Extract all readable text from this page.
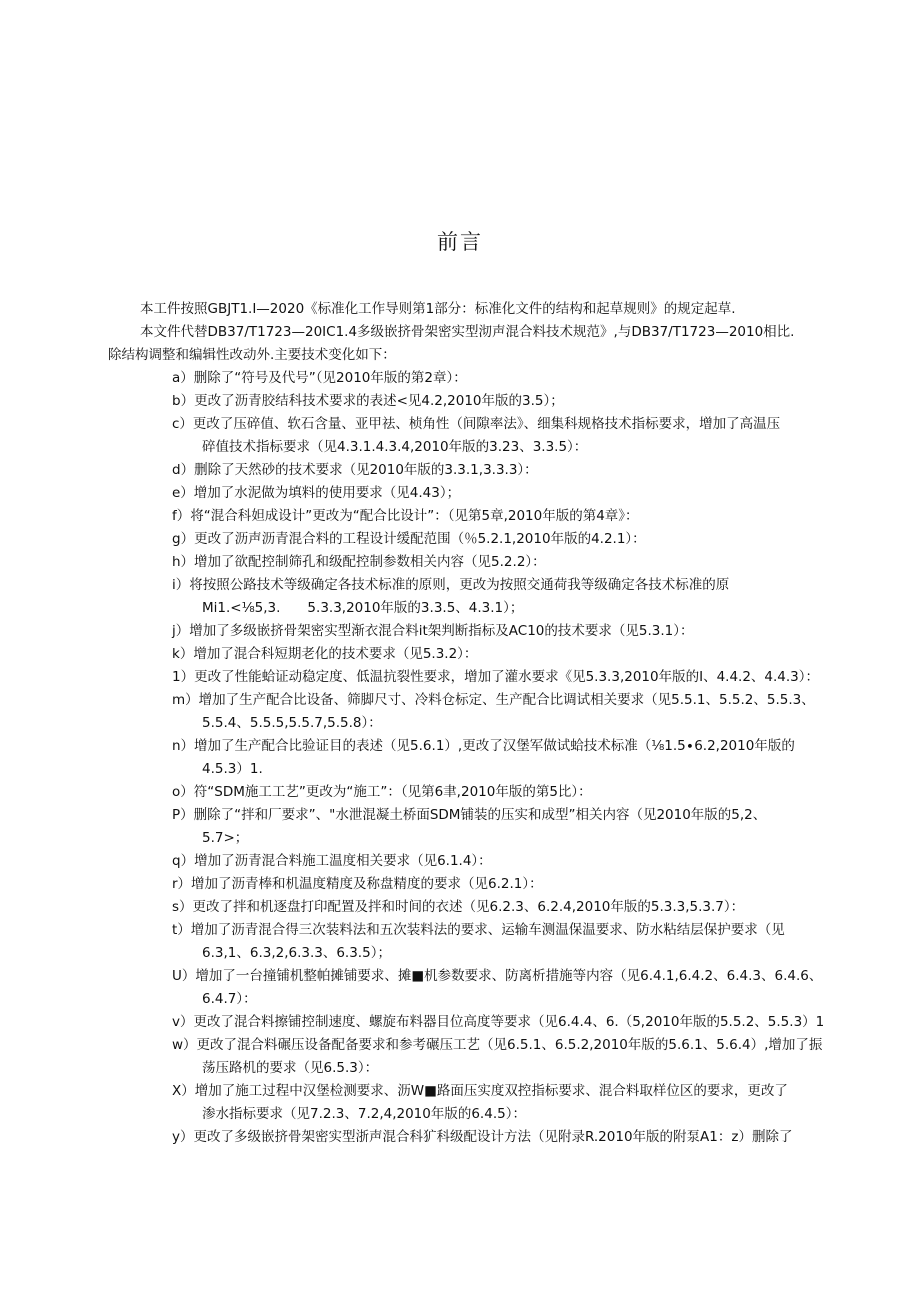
前言

本工件按照GBJT1.I—2020《标准化工作导则第1部分：标准化文件的结构和起草规则》的规定起草.

本文件代替DB37/T1723—20IC1.4多级嵌挤骨架密实型沏声混合料技术规范》,与DB37/T1723—2010相比.

除结构调整和编辑性改动外.主要技术变化如下：

a）删除了“符号及代号”（见2010年版的第2章）：
b）更改了沥青胶结科技术要求的表述<见4.2,2010年版的3.5）；
c）更改了压碎值、软石含量、亚甲祛、桢角性（间隙率法》、细集科规格技术指标要求，增加了高温压
碎值技术指标要求（见4.3.1.4.3.4,2010年版的3.23、3.3.5）：
d）删除了天然砂的技术要求（见2010年版的3.3.1,3.3.3）：
e）增加了水泥做为填料的使用要求（见4.43）；
f）将“混合科妲成设计”更改为“配合比设计”：（见第5章,2010年版的第4章》：
g）更改了沥声沥青混合料的工程设计缓配范围（％5.2.1,2010年版的4.2.1）：
h）增加了欲配控制筛孔和级配控制参数相关内容（见5.2.2）：
i）将按照公路技术等级确定各技术标准的原则，更改为按照交通荷我等级确定各技术标准的原
Mi1.<⅛5,3.　　5.3.3,2010年版的3.3.5、4.3.1）；
j）增加了多级嵌挤骨架密实型渐衣混合料it架判断指标及AC10的技术要求（见5.3.1）：
k）增加了混合科短期老化的技术要求（见5.3.2）：
1）更改了性能蛤证动稳定度、低温抗裂性要求，增加了灌水要求《见5.3.3,2010年版的I、4.4.2、4.4.3）：
m）增加了生产配合比设备、筛脚尺寸、冷料仓标定、生产配合比调试相关要求（见5.5.1、5.5.2、5.5.3、
5.5.4、5.5.5,5.5.7,5.5.8）：
n）增加了生产配合比验证目的表述（见5.6.1）,更改了汉堡军做试蛤技术标准（⅛1.5∙6.2,2010年版的
4.5.3）1.
o）符“SDM施工工艺”更改为“施工”：（见第6聿,2010年版的第5比）：
P）删除了“拌和厂要求”、"水泄混凝土桥面SDM铺装的压实和成型”相关内容（见2010年版的5,2、
5.7>；
q）增加了沥青混合料施工温度相关要求（见6.1.4）：
r）增加了沥青棒和机温度精度及称盘精度的要求（见6.2.1）：
s）更改了拌和机逐盘打印配置及拌和时间的衣述（见6.2.3、6.2.4,2010年版的5.3.3,5.3.7）：
t）增加了沥青混合得三次装料法和五次装料法的要求、运输车测温保温要求、防水粘结层保护要求（见
6.3,1、6.3,2,6.3.3、6.3.5）；
U）增加了一台撞铺机整帕摊铺要求、摊■机参数要求、防离析措施等内容（见6.4.1,6.4.2、6.4.3、6.4.6、
6.4.7）：
v）更改了混合料擦铺控制速度、螺旋布料器目位高度等要求（见6.4.4、6.（5,2010年版的5.5.2、5.5.3）1
w）更改了混合料碾压设备配备要求和参考碾压工艺（见6.5.1、6.5.2,2010年版的5.6.1、5.6.4）,增加了振
荡压路机的要求（见6.5.3）：
X）增加了施工过程中汉堡检测要求、沥W■路面压实度双控指标要求、混合料取样位区的要求，更改了
渗水指标要求（见7.2.3、7.2,4,2010年版的6.4.5）：
y）更改了多级嵌挤骨架密实型浙声混合科犷科级配设计方法（见附录R.2010年版的附泵A1：z）删除了
